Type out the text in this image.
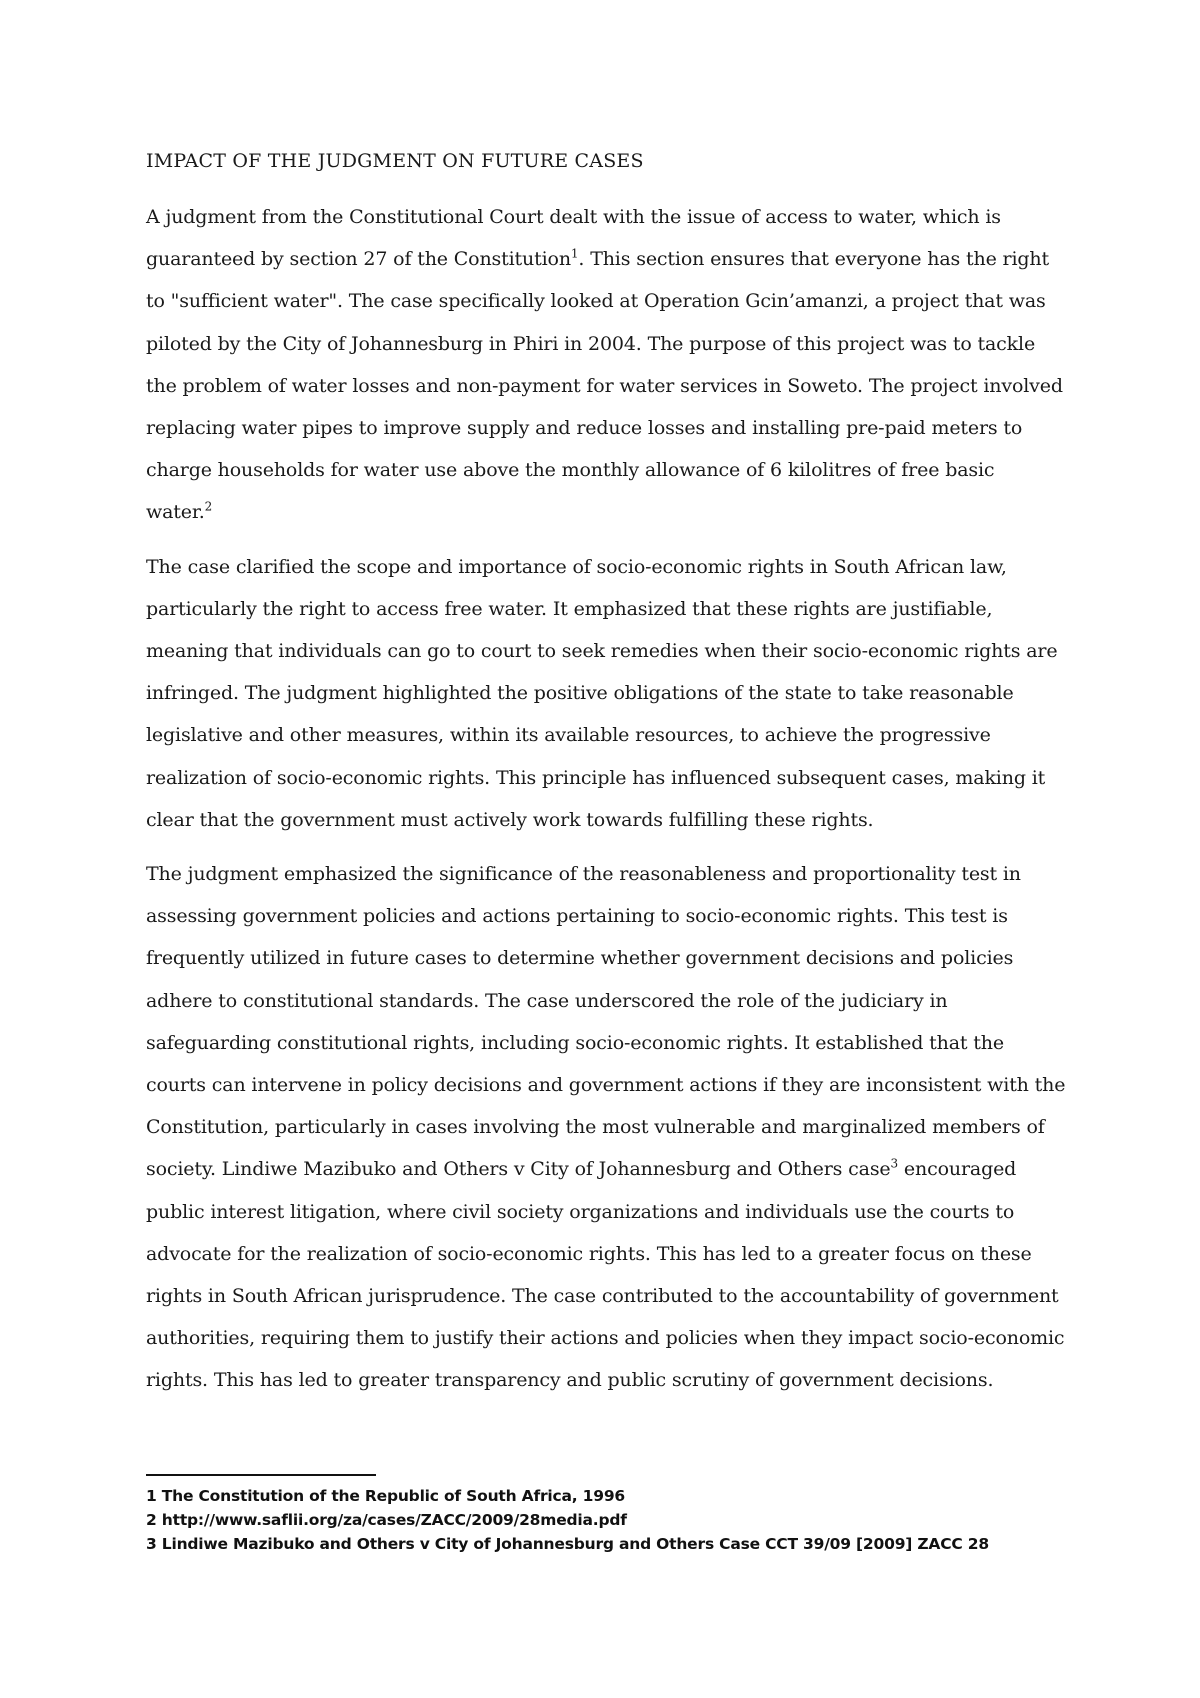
IMPACT OF THE JUDGMENT ON FUTURE CASES

A judgment from the Constitutional Court dealt with the issue of access to water, which is guaranteed by section 27 of the Constitution$^1$. This section ensures that everyone has the right to "sufficient water". The case specifically looked at Operation Gcin’amanzi, a project that was piloted by the City of Johannesburg in Phiri in 2004. The purpose of this project was to tackle the problem of water losses and non-payment for water services in Soweto. The project involved replacing water pipes to improve supply and reduce losses and installing pre-paid meters to charge households for water use above the monthly allowance of 6 kilolitres of free basic water.$^2$

The case clarified the scope and importance of socio-economic rights in South African law, particularly the right to access free water. It emphasized that these rights are justifiable, meaning that individuals can go to court to seek remedies when their socio-economic rights are infringed. The judgment highlighted the positive obligations of the state to take reasonable legislative and other measures, within its available resources, to achieve the progressive realization of socio-economic rights. This principle has influenced subsequent cases, making it clear that the government must actively work towards fulfilling these rights.

The judgment emphasized the significance of the reasonableness and proportionality test in assessing government policies and actions pertaining to socio-economic rights. This test is frequently utilized in future cases to determine whether government decisions and policies adhere to constitutional standards. The case underscored the role of the judiciary in safeguarding constitutional rights, including socio-economic rights. It established that the courts can intervene in policy decisions and government actions if they are inconsistent with the Constitution, particularly in cases involving the most vulnerable and marginalized members of society. Lindiwe Mazibuko and Others v City of Johannesburg and Others case$^3$ encouraged public interest litigation, where civil society organizations and individuals use the courts to advocate for the realization of socio-economic rights. This has led to a greater focus on these rights in South African jurisprudence. The case contributed to the accountability of government authorities, requiring them to justify their actions and policies when they impact socio-economic rights. This has led to greater transparency and public scrutiny of government decisions.

1 The Constitution of the Republic of South Africa, 1996
2 http://www.saflii.org/za/cases/ZACC/2009/28media.pdf
3 Lindiwe Mazibuko and Others v City of Johannesburg and Others Case CCT 39/09 [2009] ZACC 28
